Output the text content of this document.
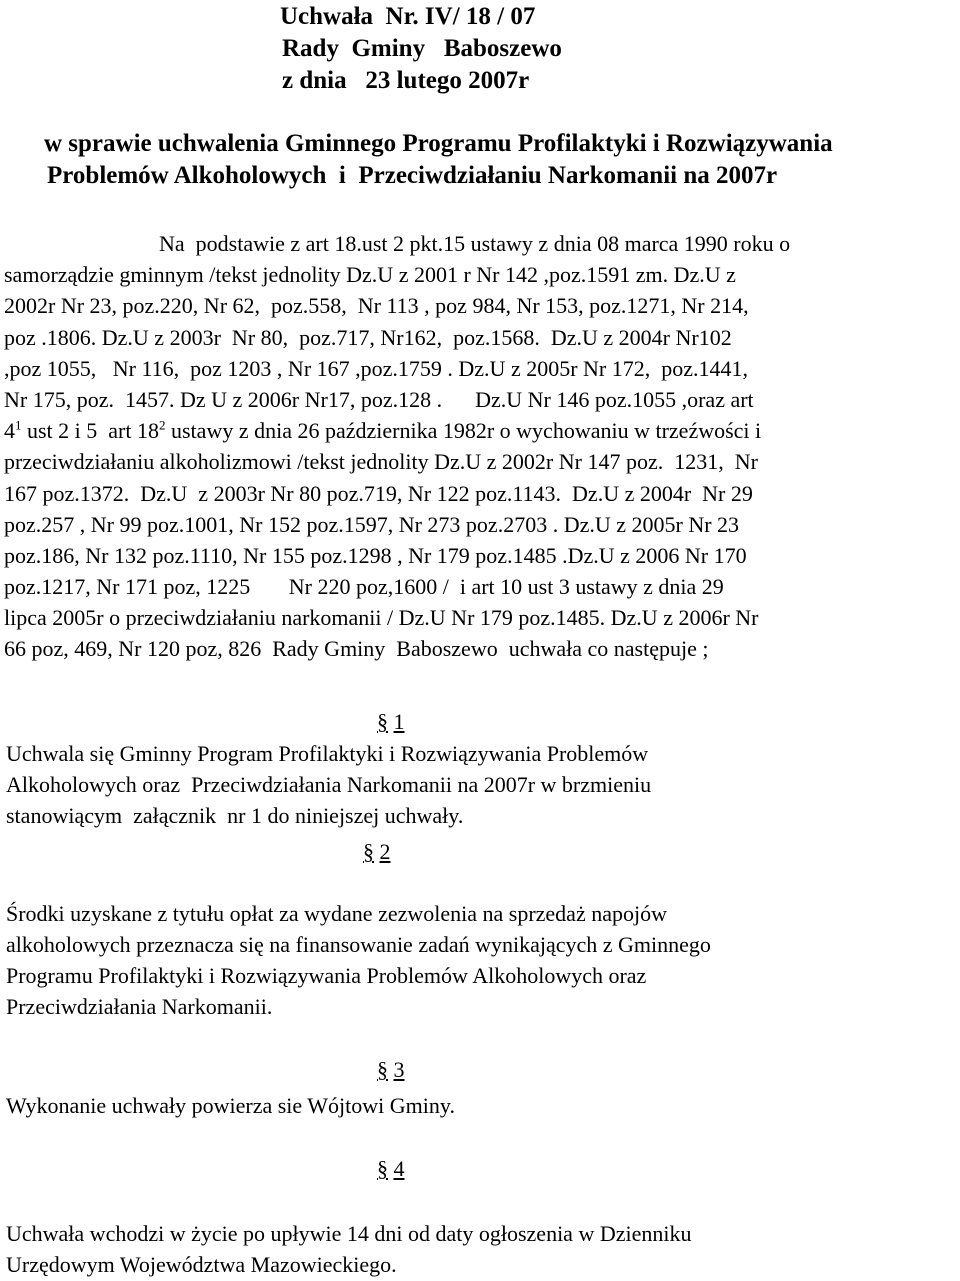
Uchwała  Nr. IV/ 18 / 07
Rady  Gminy   Baboszewo
z dnia   23 lutego 2007r
w sprawie uchwalenia Gminnego Programu Profilaktyki i Rozwiązywania
Problemów Alkoholowych  i  Przeciwdziałaniu Narkomanii na 2007r
Na  podstawie z art 18.ust 2 pkt.15 ustawy z dnia 08 marca 1990 roku o
samorządzie gminnym /tekst jednolity Dz.U z 2001 r Nr 142 ,poz.1591 zm. Dz.U z
2002r Nr 23, poz.220, Nr 62,  poz.558,  Nr 113 , poz 984, Nr 153, poz.1271, Nr 214,
poz .1806. Dz.U z 2003r  Nr 80,  poz.717, Nr162,  poz.1568.  Dz.U z 2004r Nr102
,poz 1055,   Nr 116,  poz 1203 , Nr 167 ,poz.1759 . Dz.U z 2005r Nr 172,  poz.1441,
Nr 175, poz.  1457. Dz U z 2006r Nr17, poz.128 .      Dz.U Nr 146 poz.1055 ,oraz art
$4^1$ ust 2 i 5  art $18^2$ ustawy z dnia 26 października 1982r o wychowaniu w trzeźwości i
przeciwdziałaniu alkoholizmowi /tekst jednolity Dz.U z 2002r Nr 147 poz.  1231,  Nr
167 poz.1372.  Dz.U  z 2003r Nr 80 poz.719, Nr 122 poz.1143.  Dz.U z 2004r  Nr 29
poz.257 , Nr 99 poz.1001, Nr 152 poz.1597, Nr 273 poz.2703 . Dz.U z 2005r Nr 23
poz.186, Nr 132 poz.1110, Nr 155 poz.1298 , Nr 179 poz.1485 .Dz.U z 2006 Nr 170
poz.1217, Nr 171 poz, 1225       Nr 220 poz,1600 /  i art 10 ust 3 ustawy z dnia 29
lipca 2005r o przeciwdziałaniu narkomanii / Dz.U Nr 179 poz.1485. Dz.U z 2006r Nr
66 poz, 469, Nr 120 poz, 826  Rady Gminy  Baboszewo  uchwała co następuje ;
§ 1
Uchwala się Gminny Program Profilaktyki i Rozwiązywania Problemów
Alkoholowych oraz  Przeciwdziałania Narkomanii na 2007r w brzmieniu
stanowiącym  załącznik  nr 1 do niniejszej uchwały.
§ 2
Środki uzyskane z tytułu opłat za wydane zezwolenia na sprzedaż napojów
alkoholowych przeznacza się na finansowanie zadań wynikających z Gminnego
Programu Profilaktyki i Rozwiązywania Problemów Alkoholowych oraz
Przeciwdziałania Narkomanii.
§ 3
Wykonanie uchwały powierza sie Wójtowi Gminy.
§ 4
Uchwała wchodzi w życie po upływie 14 dni od daty ogłoszenia w Dzienniku
Urzędowym Województwa Mazowieckiego.
